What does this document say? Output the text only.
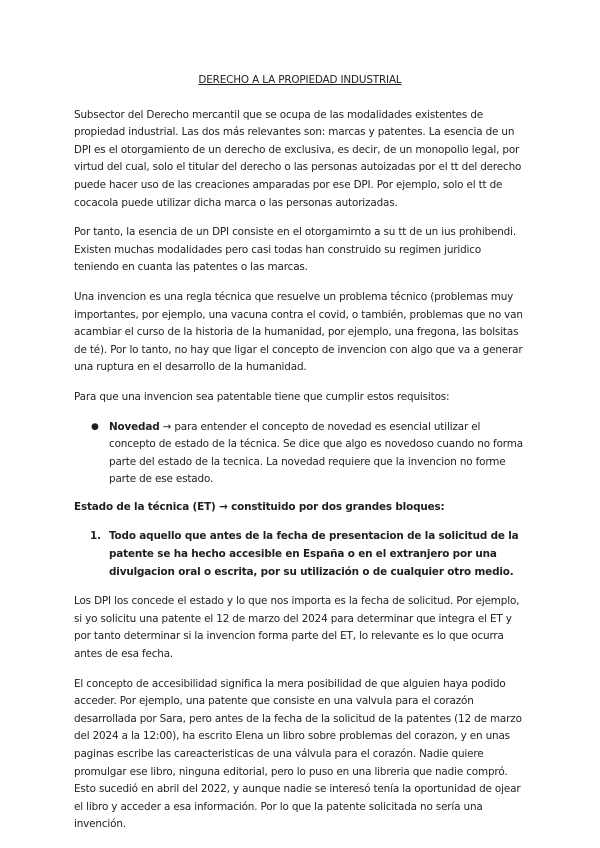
DERECHO A LA PROPIEDAD INDUSTRIAL

Subsector del Derecho mercantil que se ocupa de las modalidades existentes de propiedad industrial. Las dos más relevantes son: marcas y patentes. La esencia de un DPI es el otorgamiento de un derecho de exclusiva, es decir, de un monopolio legal, por virtud del cual, solo el titular del derecho o las personas autoizadas por el tt del derecho puede hacer uso de las creaciones amparadas por ese DPI. Por ejemplo, solo el tt de cocacola puede utilizar dicha marca o las personas autorizadas.

Por tanto, la esencia de un DPI consiste en el otorgamirnto a su tt de un ius prohibendi. Existen muchas modalidades pero casi todas han construido su regimen juridico teniendo en cuanta las patentes o las marcas.

Una invencion es una regla técnica que resuelve un problema técnico (problemas muy importantes, por ejemplo, una vacuna contra el covid, o también, problemas que no van acambiar el curso de la historia de la humanidad, por ejemplo, una fregona, las bolsitas de té). Por lo tanto, no hay que ligar el concepto de invencion con algo que va a generar una ruptura en el desarrollo de la humanidad.

Para que una invencion sea patentable tiene que cumplir estos requisitos:

● Novedad → para entender el concepto de novedad es esencial utilizar el concepto de estado de la técnica. Se dice que algo es novedoso cuando no forma parte del estado de la tecnica. La novedad requiere que la invencion no forme parte de ese estado.

Estado de la técnica (ET) → constituido por dos grandes bloques:

1. Todo aquello que antes de la fecha de presentacion de la solicitud de la patente se ha hecho accesible en España o en el extranjero por una divulgacion oral o escrita, por su utilización o de cualquier otro medio.

Los DPI los concede el estado y lo que nos importa es la fecha de solicitud. Por ejemplo, si yo solicitu una patente el 12 de marzo del 2024 para determinar que integra el ET y por tanto determinar si la invencion forma parte del ET, lo relevante es lo que ocurra antes de esa fecha.

El concepto de accesibilidad significa la mera posibilidad de que alguien haya podido acceder. Por ejemplo, una patente que consiste en una valvula para el corazón desarrollada por Sara, pero antes de la fecha de la solicitud de la patentes (12 de marzo del 2024 a la 12:00), ha escrito Elena un libro sobre problemas del corazon, y en unas paginas escribe las careacteristicas de una válvula para el corazón. Nadie quiere promulgar ese libro, ninguna editorial, pero lo puso en una libreria que nadie compró. Esto sucedió en abril del 2022, y aunque nadie se interesó tenía la oportunidad de ojear el libro y acceder a esa información. Por lo que la patente solicitada no sería una invención.
